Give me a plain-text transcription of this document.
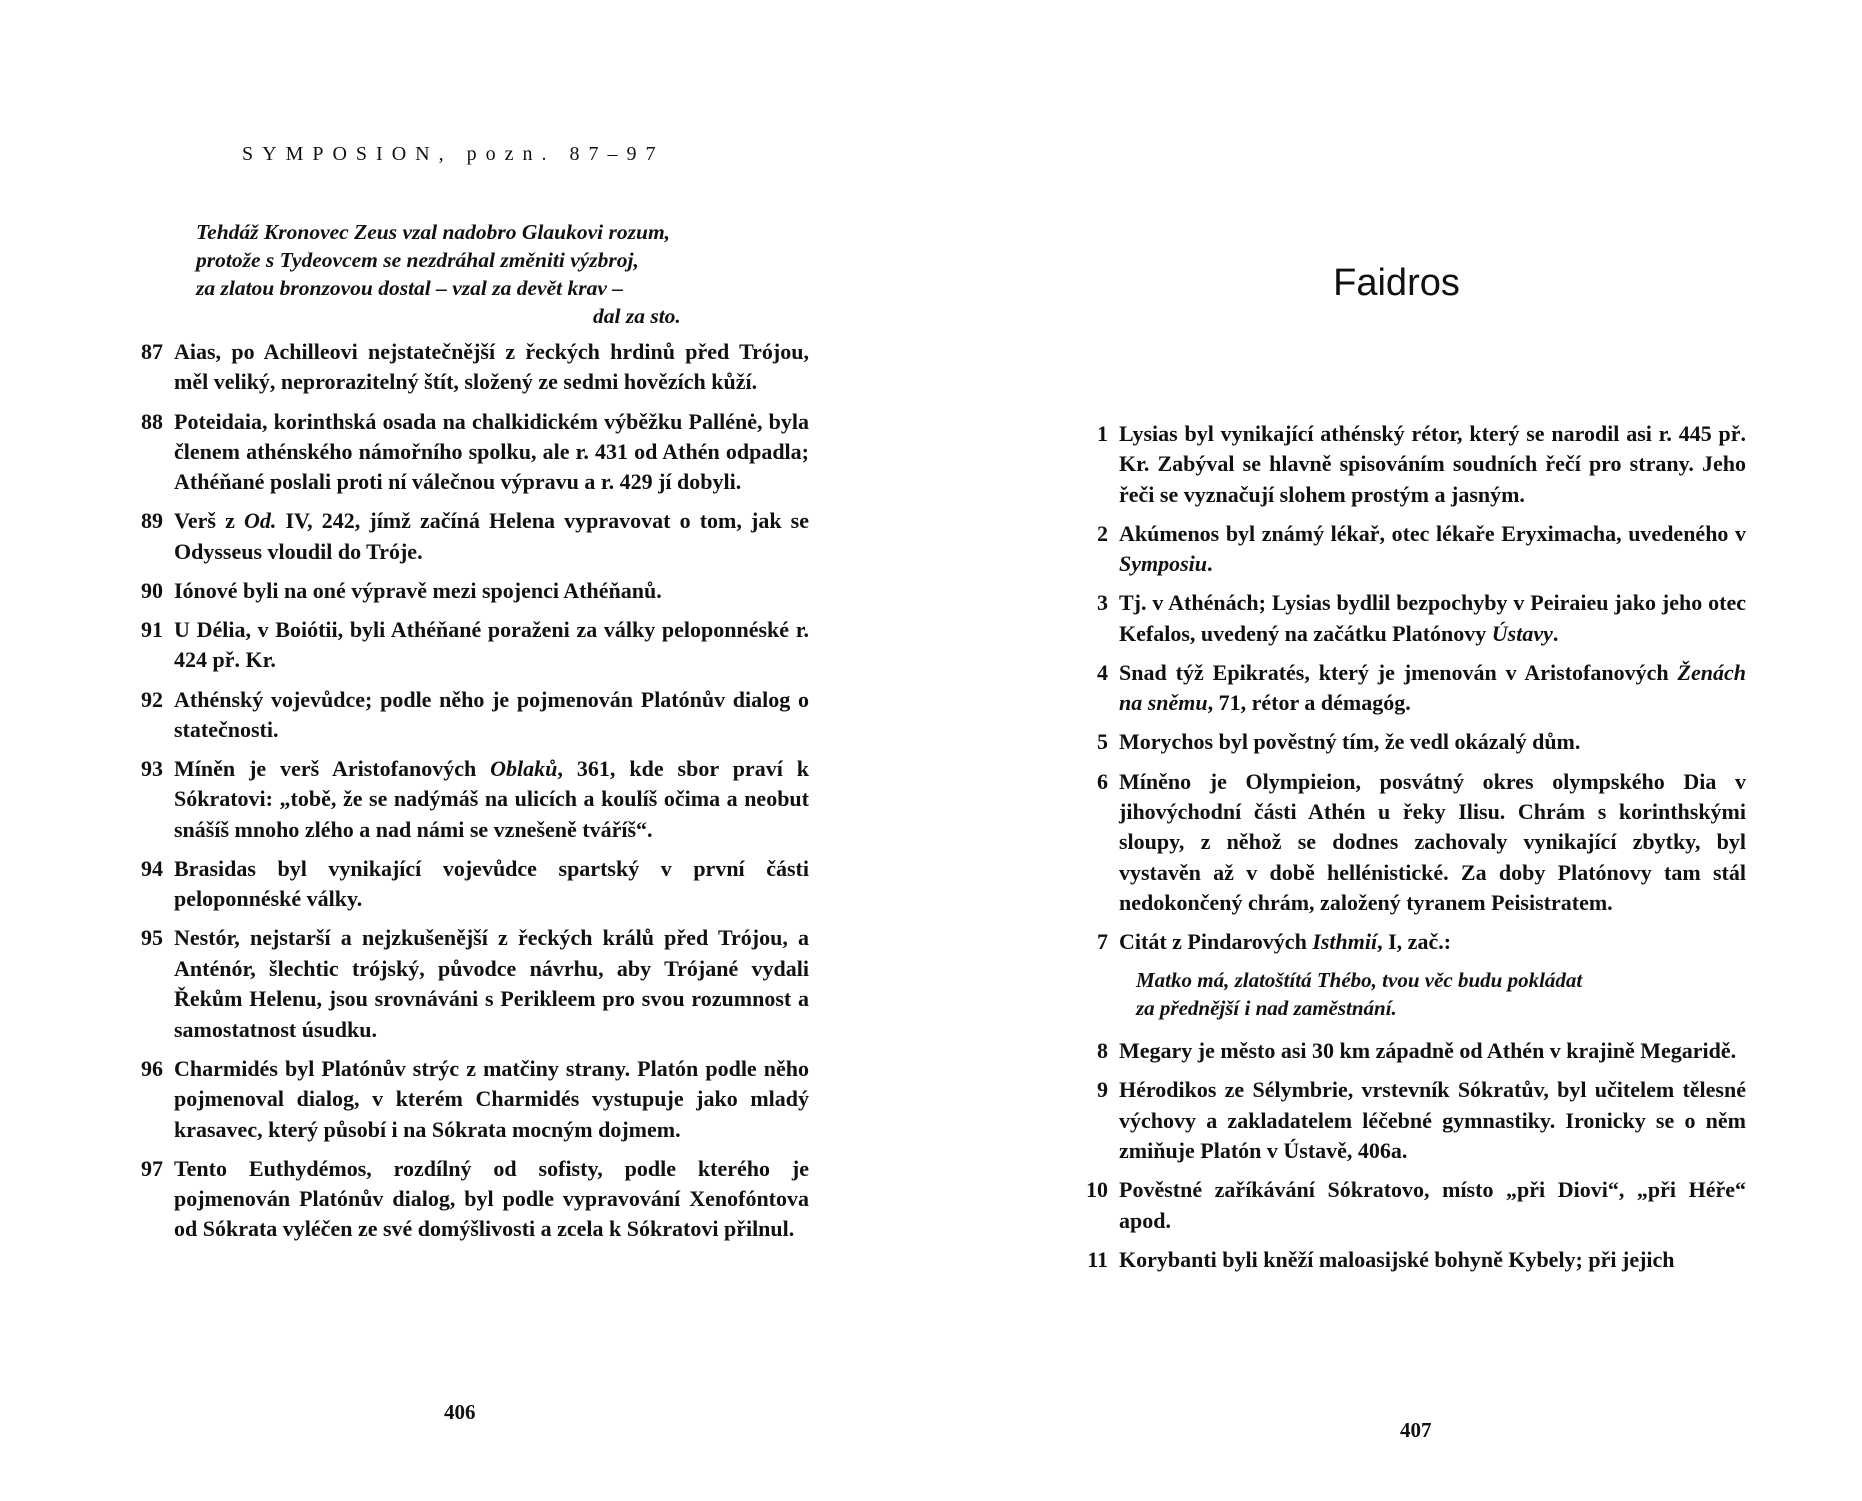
SYMPOSION, pozn. 87–97
Tehdáž Kronovec Zeus vzal nadobro Glaukovi rozum,
protože s Tydeovcem se nezdráhal změniti výzbroj,
za zlatou bronzovou dostal – vzal za devět krav –
dal za sto.
87 Aias, po Achilleovi nejstatečnější z řeckých hrdinů před Trójou, měl veliký, neprorazitelný štít, složený ze sedmi hovězích kůží.
88 Poteidaia, korinthská osada na chalkidickém výběžku Pallénė, byla členem athénského námořního spolku, ale r. 431 od Athén odpadla; Athéňané poslali proti ní válečnou výpravu a r. 429 jí dobyli.
89 Verš z Od. IV, 242, jímž začíná Helena vypravovat o tom, jak se Odysseus vloudil do Tróje.
90 Iónové byli na oné výpravě mezi spojenci Athéňanů.
91 U Délia, v Boiótii, byli Athéňané poraženi za války peloponnéské r. 424 př. Kr.
92 Athénský vojevůdce; podle něho je pojmenován Platónův dialog o statečnosti.
93 Míněn je verš Aristofanových Oblaků, 361, kde sbor praví k Sókratovi: „tobě, že se nadýmáš na ulicích a koulíš očima a neobut snášíš mnoho zlého a nad námi se vznešeně tváříš“.
94 Brasidas byl vynikající vojevůdce spartský v první části peloponnéské války.
95 Nestór, nejstarší a nejzkušenější z řeckých králů před Trójou, a Anténór, šlechtic trójský, původce návrhu, aby Trójané vydali Řekům Helenu, jsou srovnáváni s Perikleem pro svou rozumnost a samostatnost úsudku.
96 Charmidés byl Platónův strýc z matčiny strany. Platón podle něho pojmenoval dialog, v kterém Charmidés vystupuje jako mladý krasavec, který působí i na Sókrata mocným dojmem.
97 Tento Euthydémos, rozdílný od sofisty, podle kterého je pojmenován Platónův dialog, byl podle vypravování Xenofóntova od Sókrata vyléčen ze své domýšlivosti a zcela k Sókratovi přilnul.
406
Faidros
1 Lysias byl vynikající athénský rétor, který se narodil asi r. 445 př. Kr. Zabýval se hlavně spisováním soudních řečí pro strany. Jeho řeči se vyznačují slohem prostým a jasným.
2 Akúmenos byl známý lékař, otec lékaře Eryximacha, uvedeného v Symposiu.
3 Tj. v Athénách; Lysias bydlil bezpochyby v Peiraieu jako jeho otec Kefalos, uvedený na začátku Platónovy Ústavy.
4 Snad týž Epikratés, který je jmenován v Aristofanových Ženách na sněmu, 71, rétor a démagóg.
5 Morychos byl pověstný tím, že vedl okázalý dům.
6 Míněno je Olympieion, posvátný okres olympského Dia v jihovýchodní části Athén u řeky Ilisu. Chrám s korinthskými sloupy, z něhož se dodnes zachovaly vynikající zbytky, byl vystavěn až v době hellénistické. Za doby Platónovy tam stál nedokončený chrám, založený tyranem Peisistratem.
7 Citát z Pindarových Isthmií, I, zač.:
Matko má, zlatoštítá Thébo, tvou věc budu pokládat
za přednější i nad zaměstnání.
8 Megary je město asi 30 km západně od Athén v krajině Megaridě.
9 Hérodikos ze Sélymbrie, vrstevník Sókratův, byl učitelem tělesné výchovy a zakladatelem léčebné gymnastiky. Ironicky se o něm zmiňuje Platón v Ústavě, 406a.
10 Pověstné zaříkávání Sókratovo, místo „při Diovi“, „při Héře“ apod.
11 Korybanti byli kněží maloasijské bohyně Kybely; při jejich
407
